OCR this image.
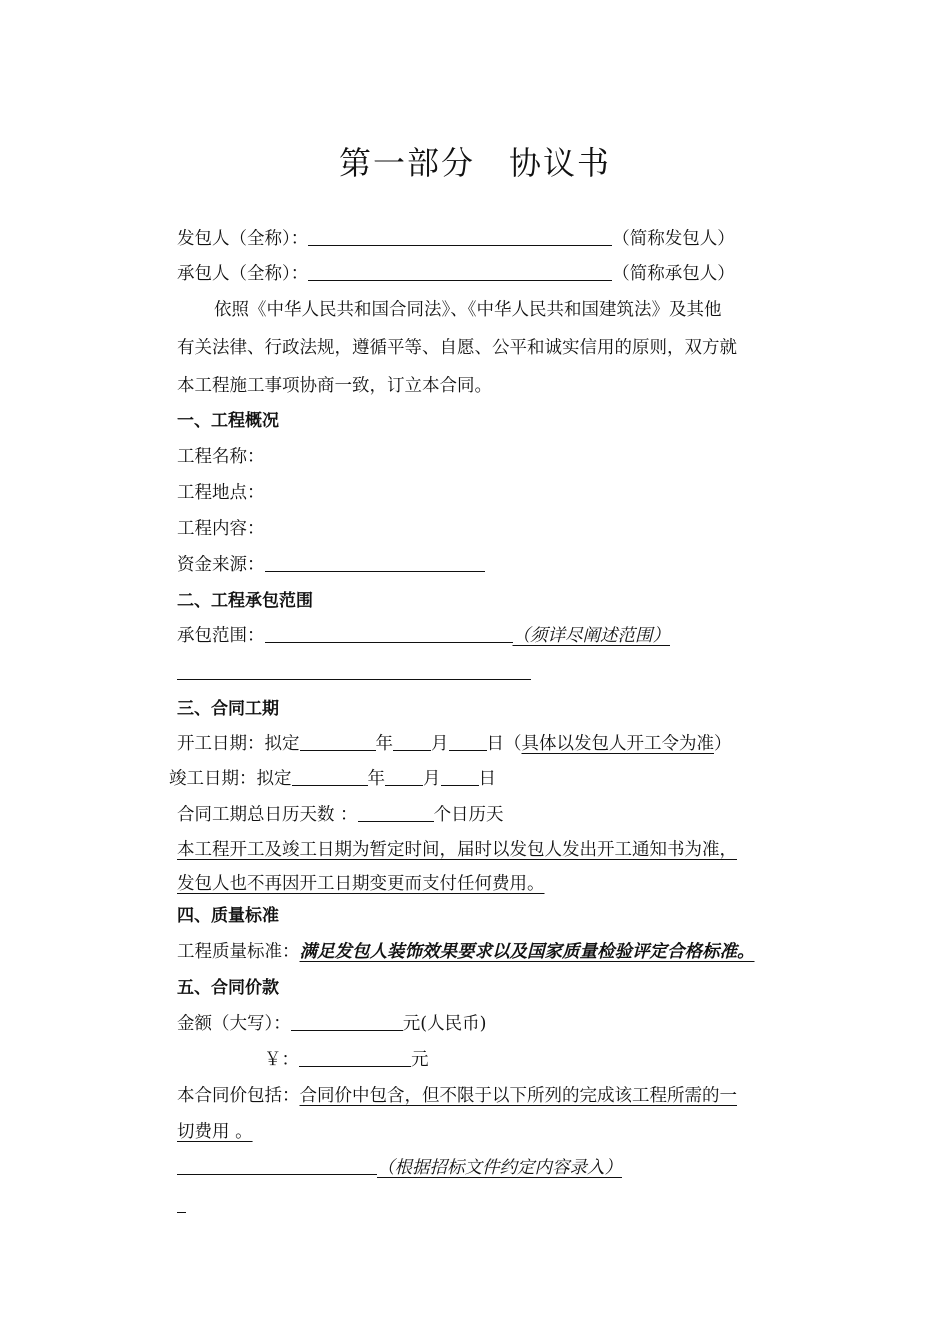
第一部分 协议书
发包人（全称）：	（简称发包人）
承包人（全称）：	（简称承包人）
依照《中华人民共和国合同法》、《中华人民共和国建筑法》及其他
有关法律、行政法规，遵循平等、自愿、公平和诚实信用的原则，双方就
本工程施工事项协商一致，订立本合同。
一、工程概况
工程名称：
工程地点：
工程内容：
资金来源：
二、工程承包范围
承包范围：	（须详尽阐述范围）
三、合同工期
开工日期：拟定	年 月 日（具体以发包人开工令为准）
竣工日期：拟定	年 月 日
合同工期总日历天数 ：	个日历天
本工程开工及竣工日期为暂定时间，届时以发包人发出开工通知书为准，
发包人也不再因开工日期变更而支付任何费用。
四、质量标准
工程质量标准：满足发包人装饰效果要求以及国家质量检验评定合格标准。
五、合同价款
金额（大写）：	元(人民币)
￥：	元
本合同价包括：合同价中包含，但不限于以下所列的完成该工程所需的一
切费用 。
（根据招标文件约定内容录入）
